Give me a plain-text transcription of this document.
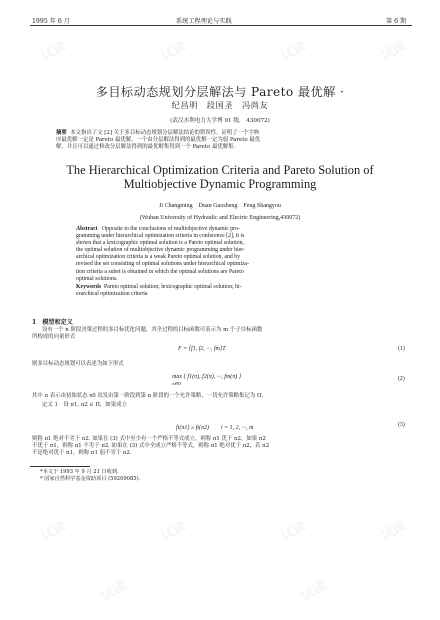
试读	试读	试读	试读
试读	试读	试读	试读
试读	试读
1995 年 6 月	系统工程理论与实践	第 6 期
多目标动态规划分层解法与 Pareto 最优解 ·
纪昌明　段国圣　冯尚友
(武汉水利电力大学博 91 级， 430072)
摘要 本文指出了文 [2] 关于多目标动态规划分层解法结论的错误性，证明了一个字典
序最优解一定是 Pareto 最优解，一个由分层解法得到的最优解一定为弱 Pareto 最优
解，并且可以通过修改分层解法得到的最优解集得到一个 Pareto 最优解集.
The Hierarchical Optimization Criteria and Pareto Solution of
Multiobjective Dynamic Programming
Ji Changming　Duan Guosheng　Feng Shangyou
(Wuhan University of Hydraulic and Electric Engineering,430072)
Abstract Opposite to the conclusions of multiobjective dynamic pro-
gramming under hierarchical optimization criteria in conference [2], it is
shown that a lexicographic optimal solution is a Pareto optimal solution,
the optimal solution of multiobjective dynamic programming under hier-
archical optimization criteria is a weak Pareto optimal solution, and by
revised the set consisting of optimal solutions under hierarchical optimiza-
tion criteria a subet is obtained in which the optimal solutions are Pareto
optimal solutions.
Keywords Pareto optimal solution; lexicographic optimal solution; hi-
erarchical optimization criteria
1　模型和定义
设有一个 n 阶段决策过程的多目标优化问题，其全过程的目标函数可表示为 m 个子目标函数
所构成的向量形式
F = [f1, f2, ···, fm]T	(1)
则多目标动态规划可以表述为如下形式
max { f1(π), f2(π), ···, fm(π) }
π∈Π
(2)
其中 π 表示由初始状态 x0 出发由第一阶段到第 n 阶段的一个允许策略，一切允许策略集记为 Π.
定义 1　设 π1, π2 ∈ Π，如果成立
fi(π1) ≥ fi(π2)　　i = 1, 2, ···, m	(3)
则称 π1 绝对不劣于 π2. 如果在 (3) 式中至少有一个严格不等式成立，则称 π1 优于 π2，如果 π2
不优于 π1，则称 π1 不劣于 π2. 如果在 (3) 式中全成立严格不等式，则称 π1 绝对优于 π2，若 π2
不是绝对优于 π1，则称 π1 弱不劣于 π2.
*本文于 1993 年 9 月 21 日收到.
* 国家自然科学基金资助项目 (59209085).
